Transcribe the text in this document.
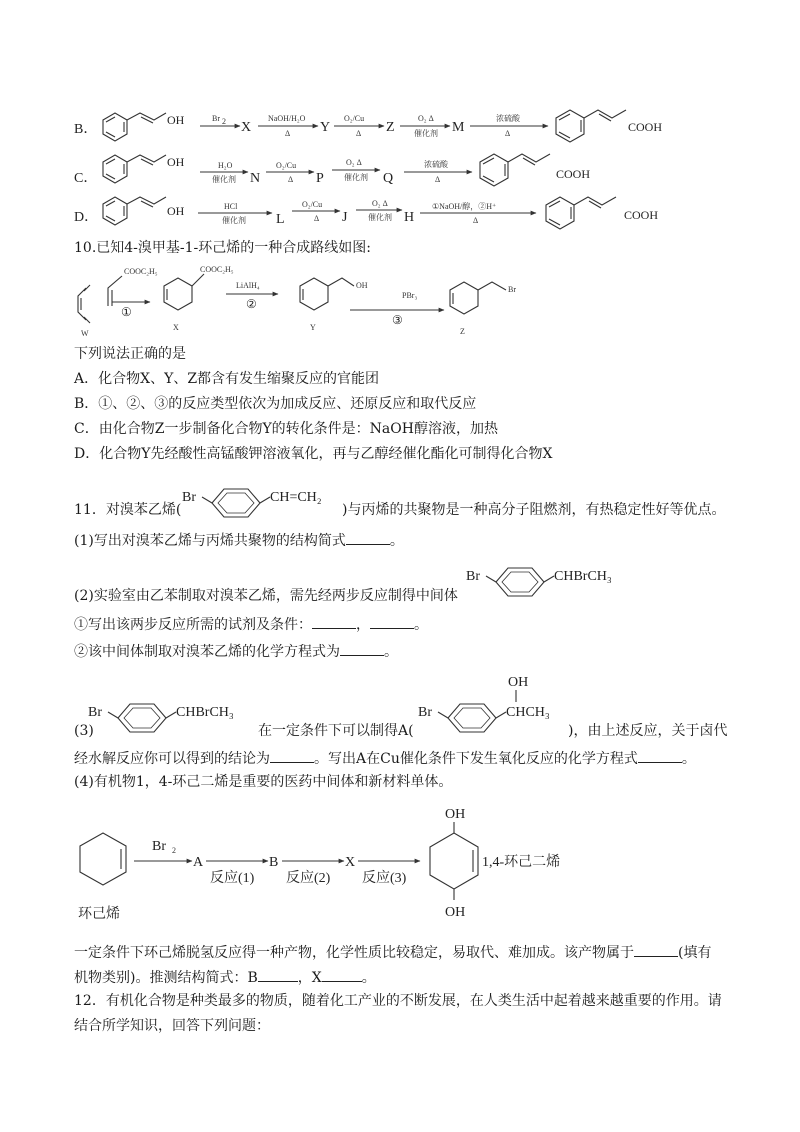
B．
OH	Br 2 X
NaOH/H₂O
Δ Y
O₂/Cu
Δ Z
O₂ Δ
催化剂 M
浓硫酸
Δ	COOH
C．
OH	H₂O
催化剂 N
O₂/Cu
Δ P
O₂ Δ
催化剂 Q
浓硫酸
Δ	COOH
D．	OH	HCl
催化剂 L
O₂/Cu
Δ J
O₂ Δ
催化剂 H
①NaOH/醇，②H⁺
Δ	COOH
10.已知4-溴甲基-1-环己烯的一种合成路线如图:
COOC₂H₅
W
①
COOC₂H₅
X
LiAlH₄
②
OH
Y
PBr₃
③
Br
Z
下列说法正确的是
A．化合物X、Y、Z都含有发生缩聚反应的官能团
B．①、②、③的反应类型依次为加成反应、还原反应和取代反应
C．由化合物Z一步制备化合物Y的转化条件是：NaOH醇溶液，加热
D．化合物Y先经酸性高锰酸钾溶液氧化，再与乙醇经催化酯化可制得化合物X
11．对溴苯乙烯(
Br	CH=CH₂
)与丙烯的共聚物是一种高分子阻燃剂，有热稳定性好等优点。
(1)写出对溴苯乙烯与丙烯共聚物的结构简式	。
(2)实验室由乙苯制取对溴苯乙烯，需先经两步反应制得中间体
Br	CHBrCH₃
①写出该两步反应所需的试剂及条件：	，	。
②该中间体制取对溴苯乙烯的化学方程式为	。
(3)
Br	CHBrCH₃
在一定条件下可以制得A(
Br	CHCH₃
OH
)，由上述反应，关于卤代
经水解反应你可以得到的结论为	。写出A在Cu催化条件下发生氧化反应的化学方程式	。
(4)有机物1，4-环己二烯是重要的医药中间体和新材料单体。
环己烯
Br 2
A
反应(1)
B
反应(2)
X
反应(3)
OH
OH
1,4-环己二烯
一定条件下环己烯脱氢反应得一种产物，化学性质比较稳定，易取代、难加成。该产物属于	(填有
机物类别)。推测结构简式：B	，X	。
12．有机化合物是种类最多的物质，随着化工产业的不断发展，在人类生活中起着越来越重要的作用。请
结合所学知识，回答下列问题：
